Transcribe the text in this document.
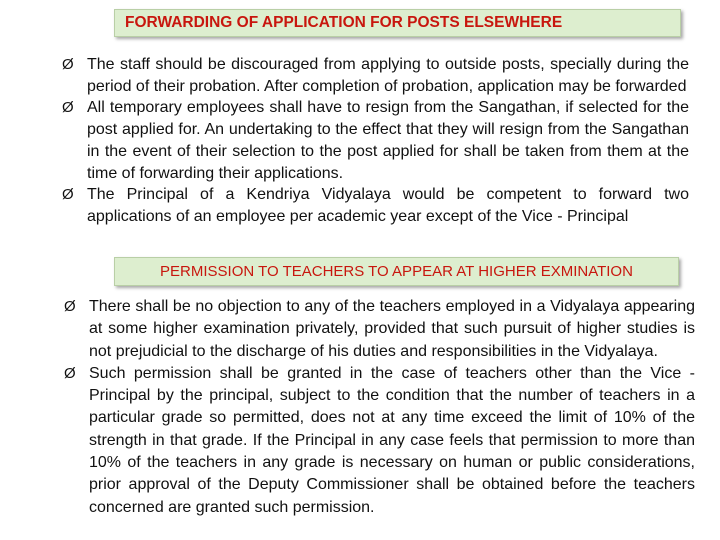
Ø The staff should be discouraged from applying to outside posts, specially during the period of their probation. After completion of probation, application may be forwarded
Ø All temporary employees shall have to resign from the Sangathan, if selected for the post applied for. An undertaking to the effect that they will resign from the Sangathan in the event of their selection to the post applied for shall be taken from them at the time of forwarding their applications.
Ø The Principal of a Kendriya Vidyalaya would be competent to forward two applications of an employee per academic year except of the Vice - Principal
FORWARDING OF APPLICATION FOR POSTS ELSEWHERE
PERMISSION TO TEACHERS TO APPEAR AT HIGHER EXMINATION
Ø There shall be no objection to any of the teachers employed in a Vidyalaya appearing at some higher examination privately, provided that such pursuit of higher studies is not prejudicial to the discharge of his duties and responsibilities in the Vidyalaya.
Ø Such permission shall be granted in the case of teachers other than the Vice - Principal by the principal, subject to the condition that the number of teachers in a particular grade so permitted, does not at any time exceed the limit of 10% of the strength in that grade. If the Principal in any case feels that permission to more than 10% of the teachers in any grade is necessary on human or public considerations, prior approval of the Deputy Commissioner shall be obtained before the teachers concerned are granted such permission.
